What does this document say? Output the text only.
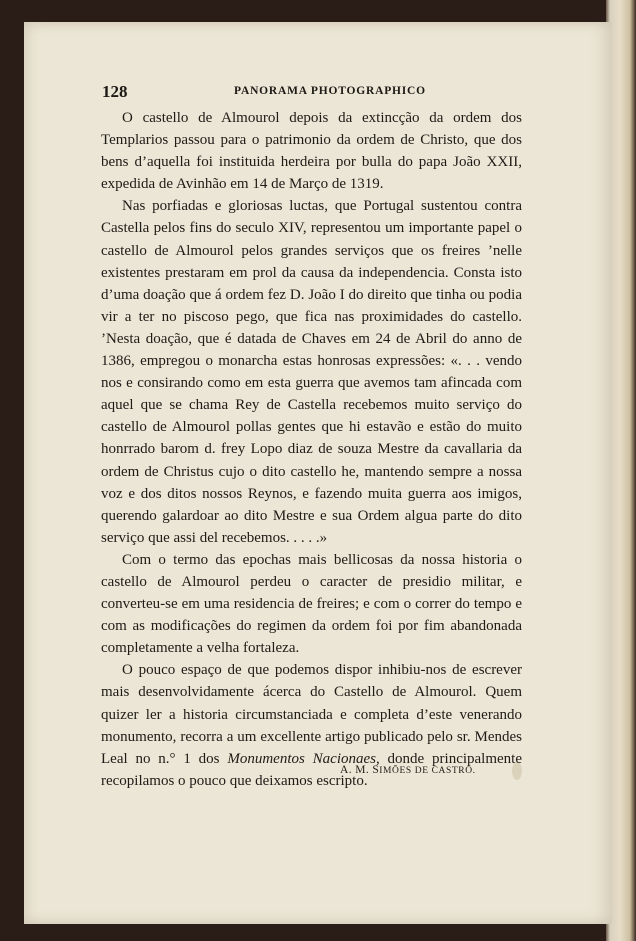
128	PANORAMA PHOTOGRAPHICO

O castello de Almourol depois da extincção da ordem dos Templarios passou para o patrimonio da ordem de Christo, que dos bens d’aquella foi instituida herdeira por bulla do papa João XXII, expedida de Avinhão em 14 de Março de 1319.

Nas porfiadas e gloriosas luctas, que Portugal sustentou contra Castella pelos fins do seculo XIV, representou um importante papel o castello de Almourol pelos grandes serviços que os freires ’nelle existentes prestaram em prol da causa da independencia. Consta isto d’uma doação que á ordem fez D. João I do direito que tinha ou podia vir a ter no piscoso pego, que fica nas proximidades do castello. ’Nesta doação, que é datada de Chaves em 24 de Abril do anno de 1386, empregou o monarcha estas honrosas expressões: «. . . vendo nos e consirando como em esta guerra que avemos tam afincada com aquel que se chama Rey de Castella recebemos muito serviço do castello de Almourol pollas gentes que hi estavão e estão do muito honrrado barom d. frey Lopo diaz de souza Mestre da cavallaria da ordem de Christus cujo o dito castello he, mantendo sempre a nossa voz e dos ditos nossos Reynos, e fazendo muita guerra aos imigos, querendo galardoar ao dito Mestre e sua Ordem algua parte do dito serviço que assi del recebemos. . . . .»

Com o termo das epochas mais bellicosas da nossa historia o castello de Almourol perdeu o caracter de presidio militar, e converteu-se em uma residencia de freires; e com o correr do tempo e com as modificações do regimen da ordem foi por fim abandonada completamente a velha fortaleza.

O pouco espaço de que podemos dispor inhibiu-nos de escrever mais desenvolvidamente ácerca do Castello de Almourol. Quem quizer ler a historia circumstanciada e completa d’este venerando monumento, recorra a um excellente artigo publicado pelo sr. Mendes Leal no n.° 1 dos Monumentos Nacionaes, donde principalmente recopilamos o pouco que deixamos escripto.

A. M. SIMÕES DE CASTRO.
